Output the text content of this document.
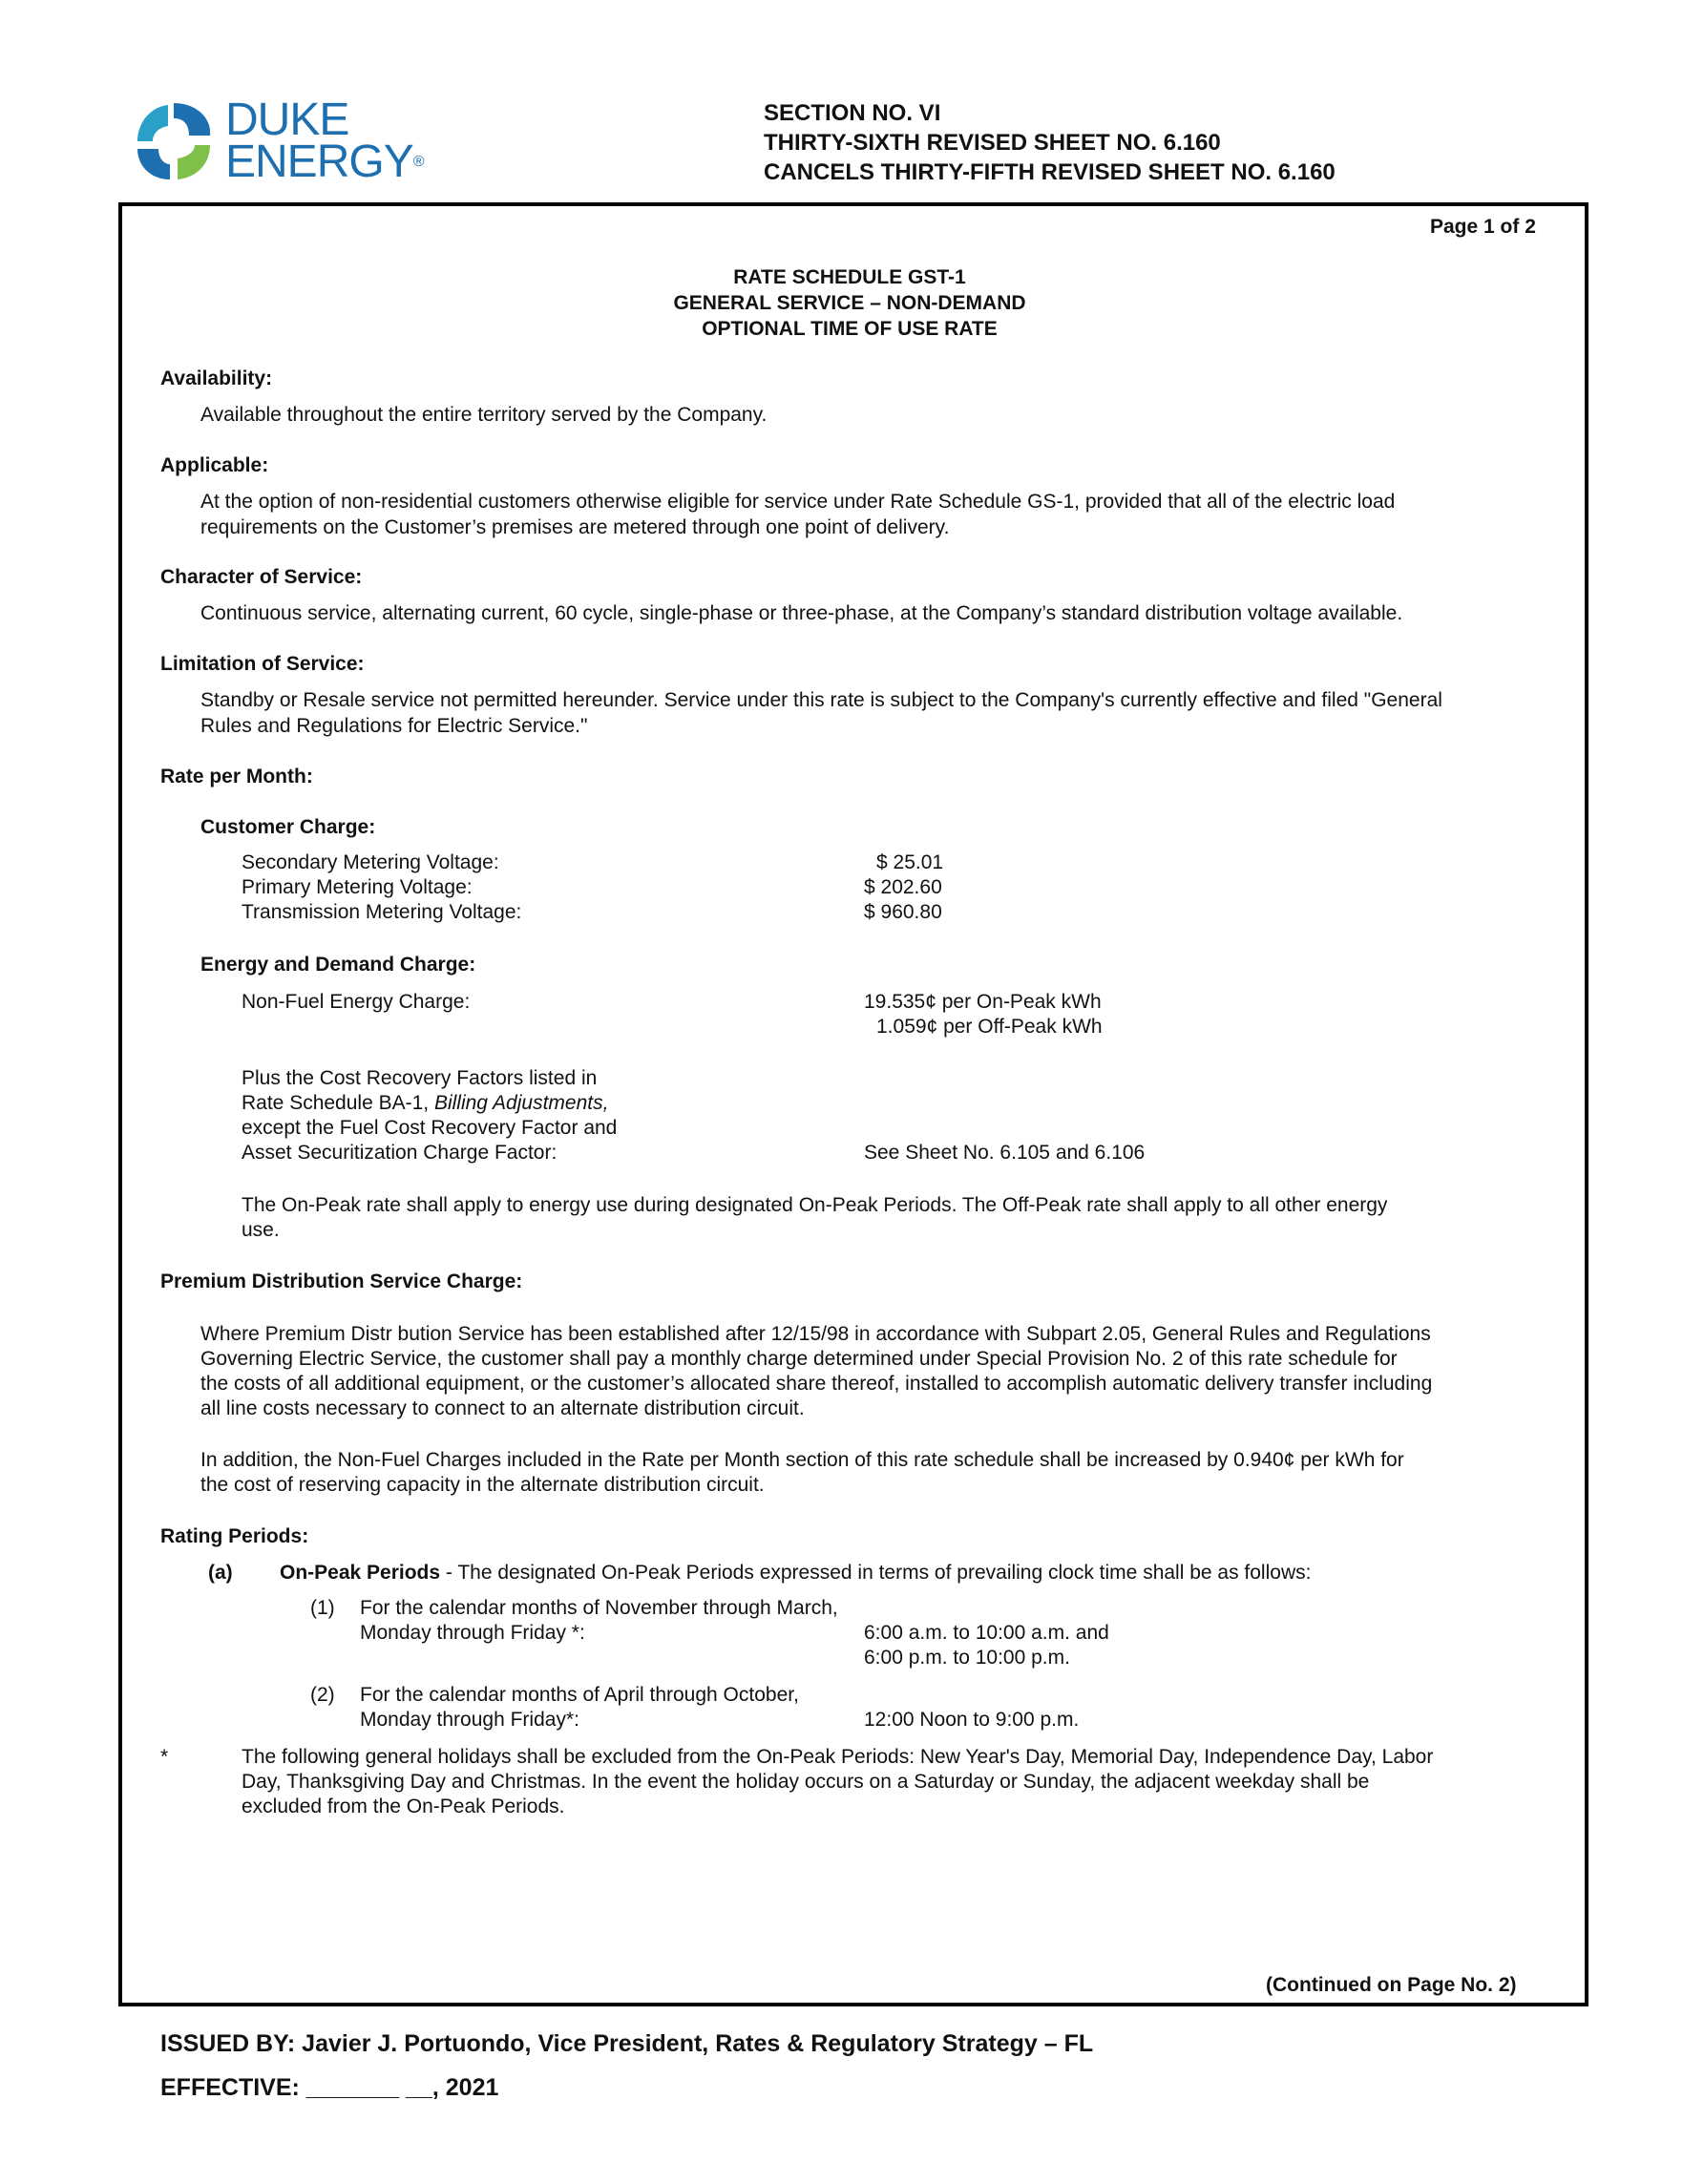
DUKE
ENERGY®
SECTION NO. VI
THIRTY-SIXTH REVISED SHEET NO. 6.160
CANCELS THIRTY-FIFTH REVISED SHEET NO. 6.160
Page 1 of 2
RATE SCHEDULE GST-1
GENERAL SERVICE – NON-DEMAND
OPTIONAL TIME OF USE RATE
Availability:
Available throughout the entire territory served by the Company.
Applicable:
At the option of non-residential customers otherwise eligible for service under Rate Schedule GS-1, provided that all of the electric load
requirements on the Customer’s premises are metered through one point of delivery.
Character of Service:
Continuous service, alternating current, 60 cycle, single-phase or three-phase, at the Company’s standard distribution voltage available.
Limitation of Service:
Standby or Resale service not permitted hereunder. Service under this rate is subject to the Company's currently effective and filed "General
Rules and Regulations for Electric Service."
Rate per Month:
Customer Charge:
Secondary Metering Voltage:	$ 25.01
Primary Metering Voltage:	$ 202.60
Transmission Metering Voltage:	$ 960.80
Energy and Demand Charge:
Non-Fuel Energy Charge:	19.535¢ per On-Peak kWh
1.059¢ per Off-Peak kWh
Plus the Cost Recovery Factors listed in
Rate Schedule BA-1, Billing Adjustments,
except the Fuel Cost Recovery Factor and
Asset Securitization Charge Factor:	See Sheet No. 6.105 and 6.106
The On-Peak rate shall apply to energy use during designated On-Peak Periods. The Off-Peak rate shall apply to all other energy
use.
Premium Distribution Service Charge:
Where Premium Distr bution Service has been established after 12/15/98 in accordance with Subpart 2.05, General Rules and Regulations
Governing Electric Service, the customer shall pay a monthly charge determined under Special Provision No. 2 of this rate schedule for
the costs of all additional equipment, or the customer’s allocated share thereof, installed to accomplish automatic delivery transfer including
all line costs necessary to connect to an alternate distribution circuit.
In addition, the Non-Fuel Charges included in the Rate per Month section of this rate schedule shall be increased by 0.940¢ per kWh for
the cost of reserving capacity in the alternate distribution circuit.
Rating Periods:
(a) On-Peak Periods - The designated On-Peak Periods expressed in terms of prevailing clock time shall be as follows:
(1) For the calendar months of November through March,
Monday through Friday *:	6:00 a.m. to 10:00 a.m. and
6:00 p.m. to 10:00 p.m.
(2) For the calendar months of April through October,
Monday through Friday*:	12:00 Noon to 9:00 p.m.
*	The following general holidays shall be excluded from the On-Peak Periods: New Year's Day, Memorial Day, Independence Day, Labor
Day, Thanksgiving Day and Christmas. In the event the holiday occurs on a Saturday or Sunday, the adjacent weekday shall be
excluded from the On-Peak Periods.
(Continued on Page No. 2)
ISSUED BY: Javier J. Portuondo, Vice President, Rates & Regulatory Strategy – FL
EFFECTIVE: _______ __, 2021
